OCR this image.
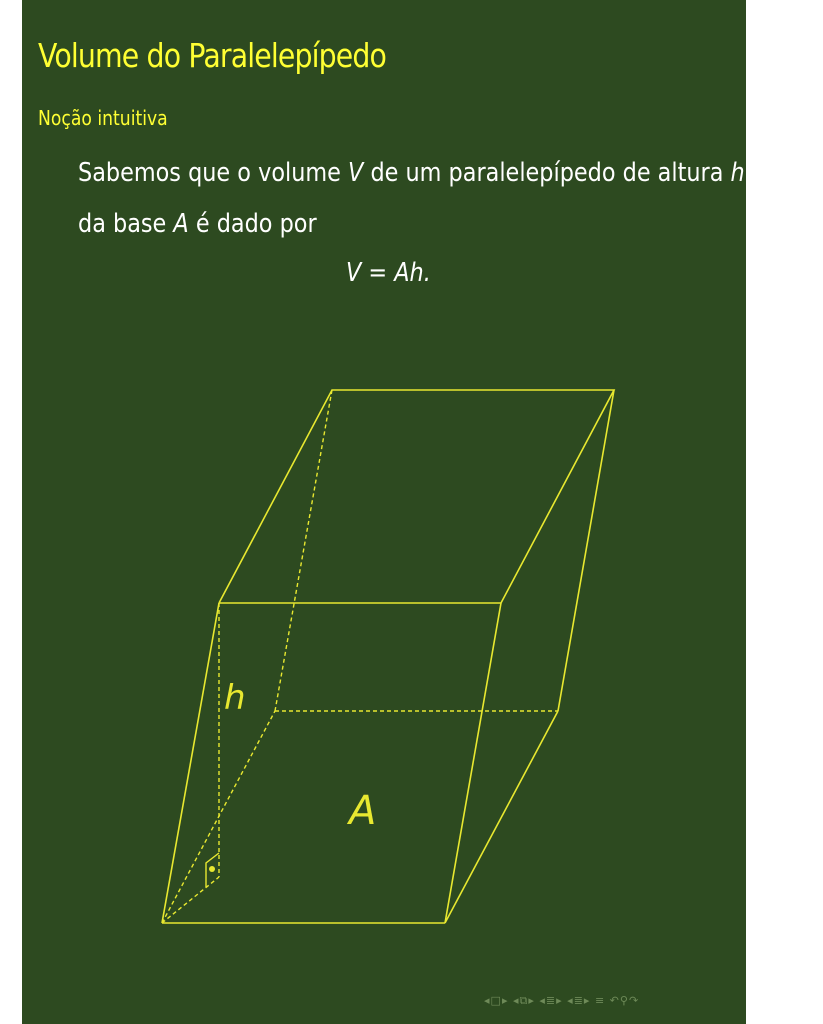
Volume do Paralelepípedo
Noção intuitiva
Sabemos que o volume V de um paralelepípedo de altura h e área
da base A é dado por
V = Ah.
h
A
◂□▸ ◂⧉▸ ◂≣▸ ◂≣▸ ≡ ↶⚲↷
